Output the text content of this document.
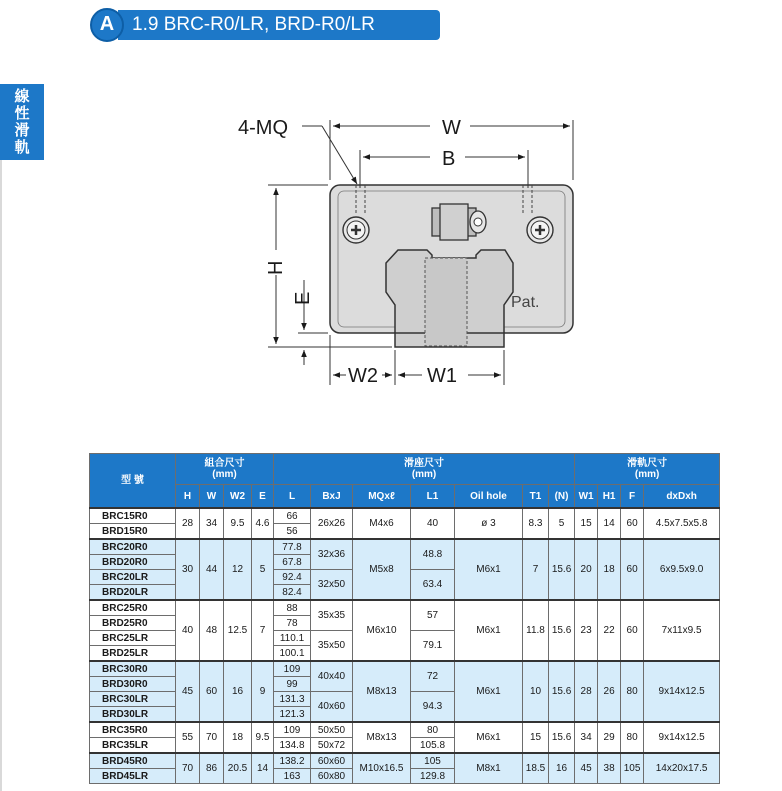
1.9 BRC-R0/LR, BRD-R0/LR
A
線
性
滑
軌
Pat.
W
B
4-MQ
H
E
W2 W1
型 號	組合尺寸
(mm)				滑座尺寸
(mm)							滑軌尺寸
(mm)			
	H	W	W2	E	L	BxJ	MQxℓ	L1	Oil hole	T1	(N)	W1	H1	F	dxDxh
BRC15R0	28	34	9.5	4.6	66	26x26	M4x6	40	ø 3	8.3	5	15	14	60	4.5x7.5x5.8
BRD15R0					56										
BRC20R0	30	44	12	5	77.8	32x36	M5x8	48.8	M6x1	7	15.6	20	18	60	6x9.5x9.0
BRD20R0					67.8										
BRC20LR					92.4	32x50		63.4							
BRD20LR					82.4										
BRC25R0	40	48	12.5	7	88	35x35	M6x10	57	M6x1	11.8	15.6	23	22	60	7x11x9.5
BRD25R0					78										
BRC25LR					110.1	35x50		79.1							
BRD25LR					100.1										
BRC30R0	45	60	16	9	109	40x40	M8x13	72	M6x1	10	15.6	28	26	80	9x14x12.5
BRD30R0					99										
BRC30LR					131.3	40x60		94.3							
BRD30LR					121.3										
BRC35R0	55	70	18	9.5	109	50x50	M8x13	80	M6x1	15	15.6	34	29	80	9x14x12.5
BRC35LR					134.8	50x72		105.8							
BRD45R0	70	86	20.5	14	138.2	60x60	M10x16.5	105	M8x1	18.5	16	45	38	105	14x20x17.5
BRD45LR					163	60x80		129.8							
